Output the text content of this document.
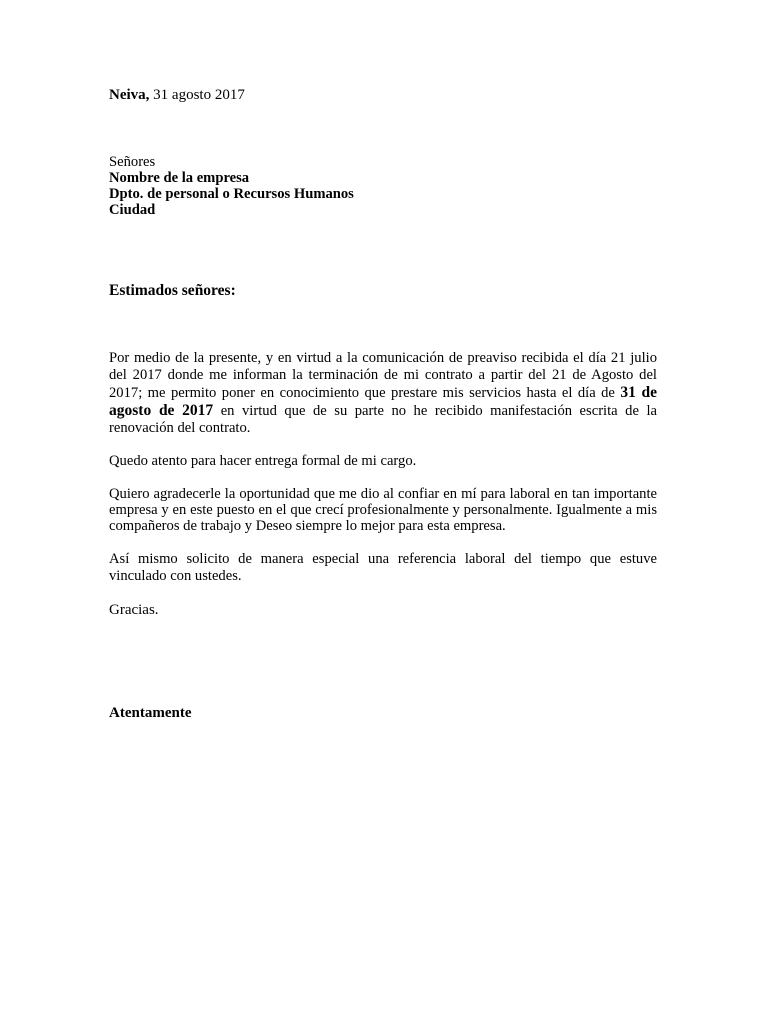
Neiva, 31 agosto 2017
Señores
Nombre de la empresa
Dpto. de personal o Recursos Humanos
Ciudad
Estimados señores:

Por medio de la presente, y en virtud a la comunicación de preaviso recibida el día 21 julio del 2017 donde me informan la terminación de mi contrato a partir del 21 de Agosto del 2017; me permito poner en conocimiento que prestare mis servicios hasta el día de 31 de agosto de 2017 en virtud que de su parte no he recibido manifestación escrita de la renovación del contrato.

Quedo atento para hacer entrega formal de mi cargo.

Quiero agradecerle la oportunidad que me dio al confiar en mí para laboral en tan importante empresa y en este puesto en el que crecí profesionalmente y personalmente. Igualmente a mis compañeros de trabajo y Deseo siempre lo mejor para esta empresa.

Así mismo solicito de manera especial una referencia laboral del tiempo que estuve vinculado con ustedes.

Gracias.
Atentamente
